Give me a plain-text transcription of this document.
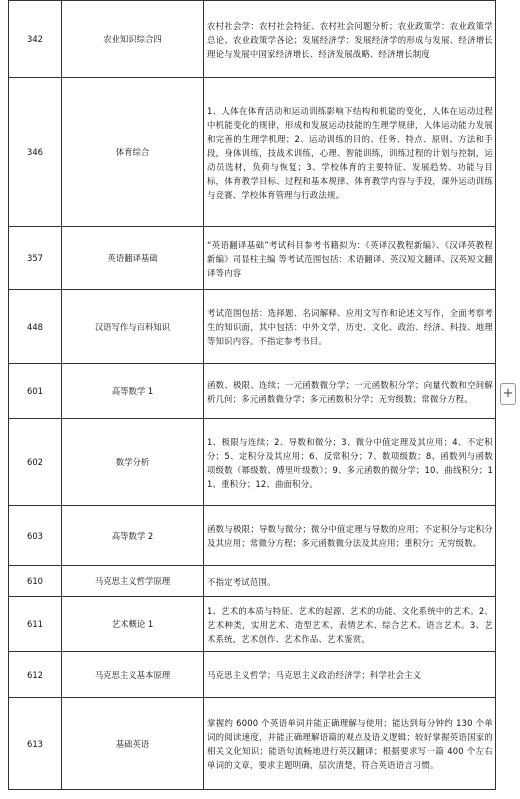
342	农业知识综合四	农村社会学：农村社会特征、农村社会问题分析；农业政策学：农业政策学总论、农业政策学各论；发展经济学：发展经济学的形成与发展、经济增长理论与发展中国家经济增长、经济发展战略、经济增长制度
346	体育综合	1、人体在体育活动和运动训练影响下结构和机能的变化，人体在运动过程中机能变化的规律，形成和发展运动技能的生理学规律，人体运动能力发展和完善的生理学机理；2、运动训练的目的、任务、特点、原则、方法和手段，身体训练，技战术训练，心理、智能训练，训练过程的计划与控制，运动员选材，负荷与恢复；3、学校体育的主要特征、发展趋势、功能与目标，体育教学目标、过程和基本规律、体育教学内容与手段，课外运动训练与竞赛、学校体育管理与行政法规。
357	英语翻译基础	“英语翻译基础”考试科目参考书籍拟为：《英译汉教程新编》、《汉译英教程新编》司显柱主编 等考试范围包括：术语翻译、英汉短文翻译、汉英短文翻译等内容
448	汉语写作与百科知识	考试范围包括：选择题、名词解释、应用文写作和论述文写作，全面考察考生的知识面，其中包括：中外文学，历史、文化、政治、经济、科技、地理等知识内容。不指定参考书目。
601	高等数学 1	函数、极限、连续；一元函数微分学；一元函数积分学；向量代数和空间解析几何；多元函数微分学；多元函数积分学；无穷级数；常微分方程。
602	数学分析	1、极限与连续；2、导数和微分；3、微分中值定理及其应用；4、不定积分；5、定积分及其应用；6、反常积分；7、数项级数；8、函数列与函数项级数（幂级数、傅里叶级数）；9、多元函数的微分学；10、曲线积分；11、重积分；12、曲面积分。
603	高等数学 2	函数与极限；导数与微分；微分中值定理与导数的应用；不定积分与定积分及其应用；常微分方程；多元函数微分法及其应用；重积分；无穷级数。
610	马克思主义哲学原理	不指定考试范围。
611	艺术概论 1	1、艺术的本质与特征、艺术的起源、艺术的功能、文化系统中的艺术。2、艺术种类，实用艺术、造型艺术、表情艺术、综合艺术、语言艺术。3、艺术系统，艺术创作、艺术作品、艺术鉴赏。
612	马克思主义基本原理	马克思主义哲学；马克思主义政治经济学；科学社会主义
613	基础英语	掌握约 6000 个英语单词并能正确理解与使用；能达到每分钟约 130 个单词的阅读速度，并能正确理解语篇的观点及语义逻辑；较好掌握英语国家的相关文化知识；能语句流畅地进行英汉翻译；根据要求写一篇 400 个左右单词的文章，要求主题明确，层次清楚，符合英语语言习惯。
+
